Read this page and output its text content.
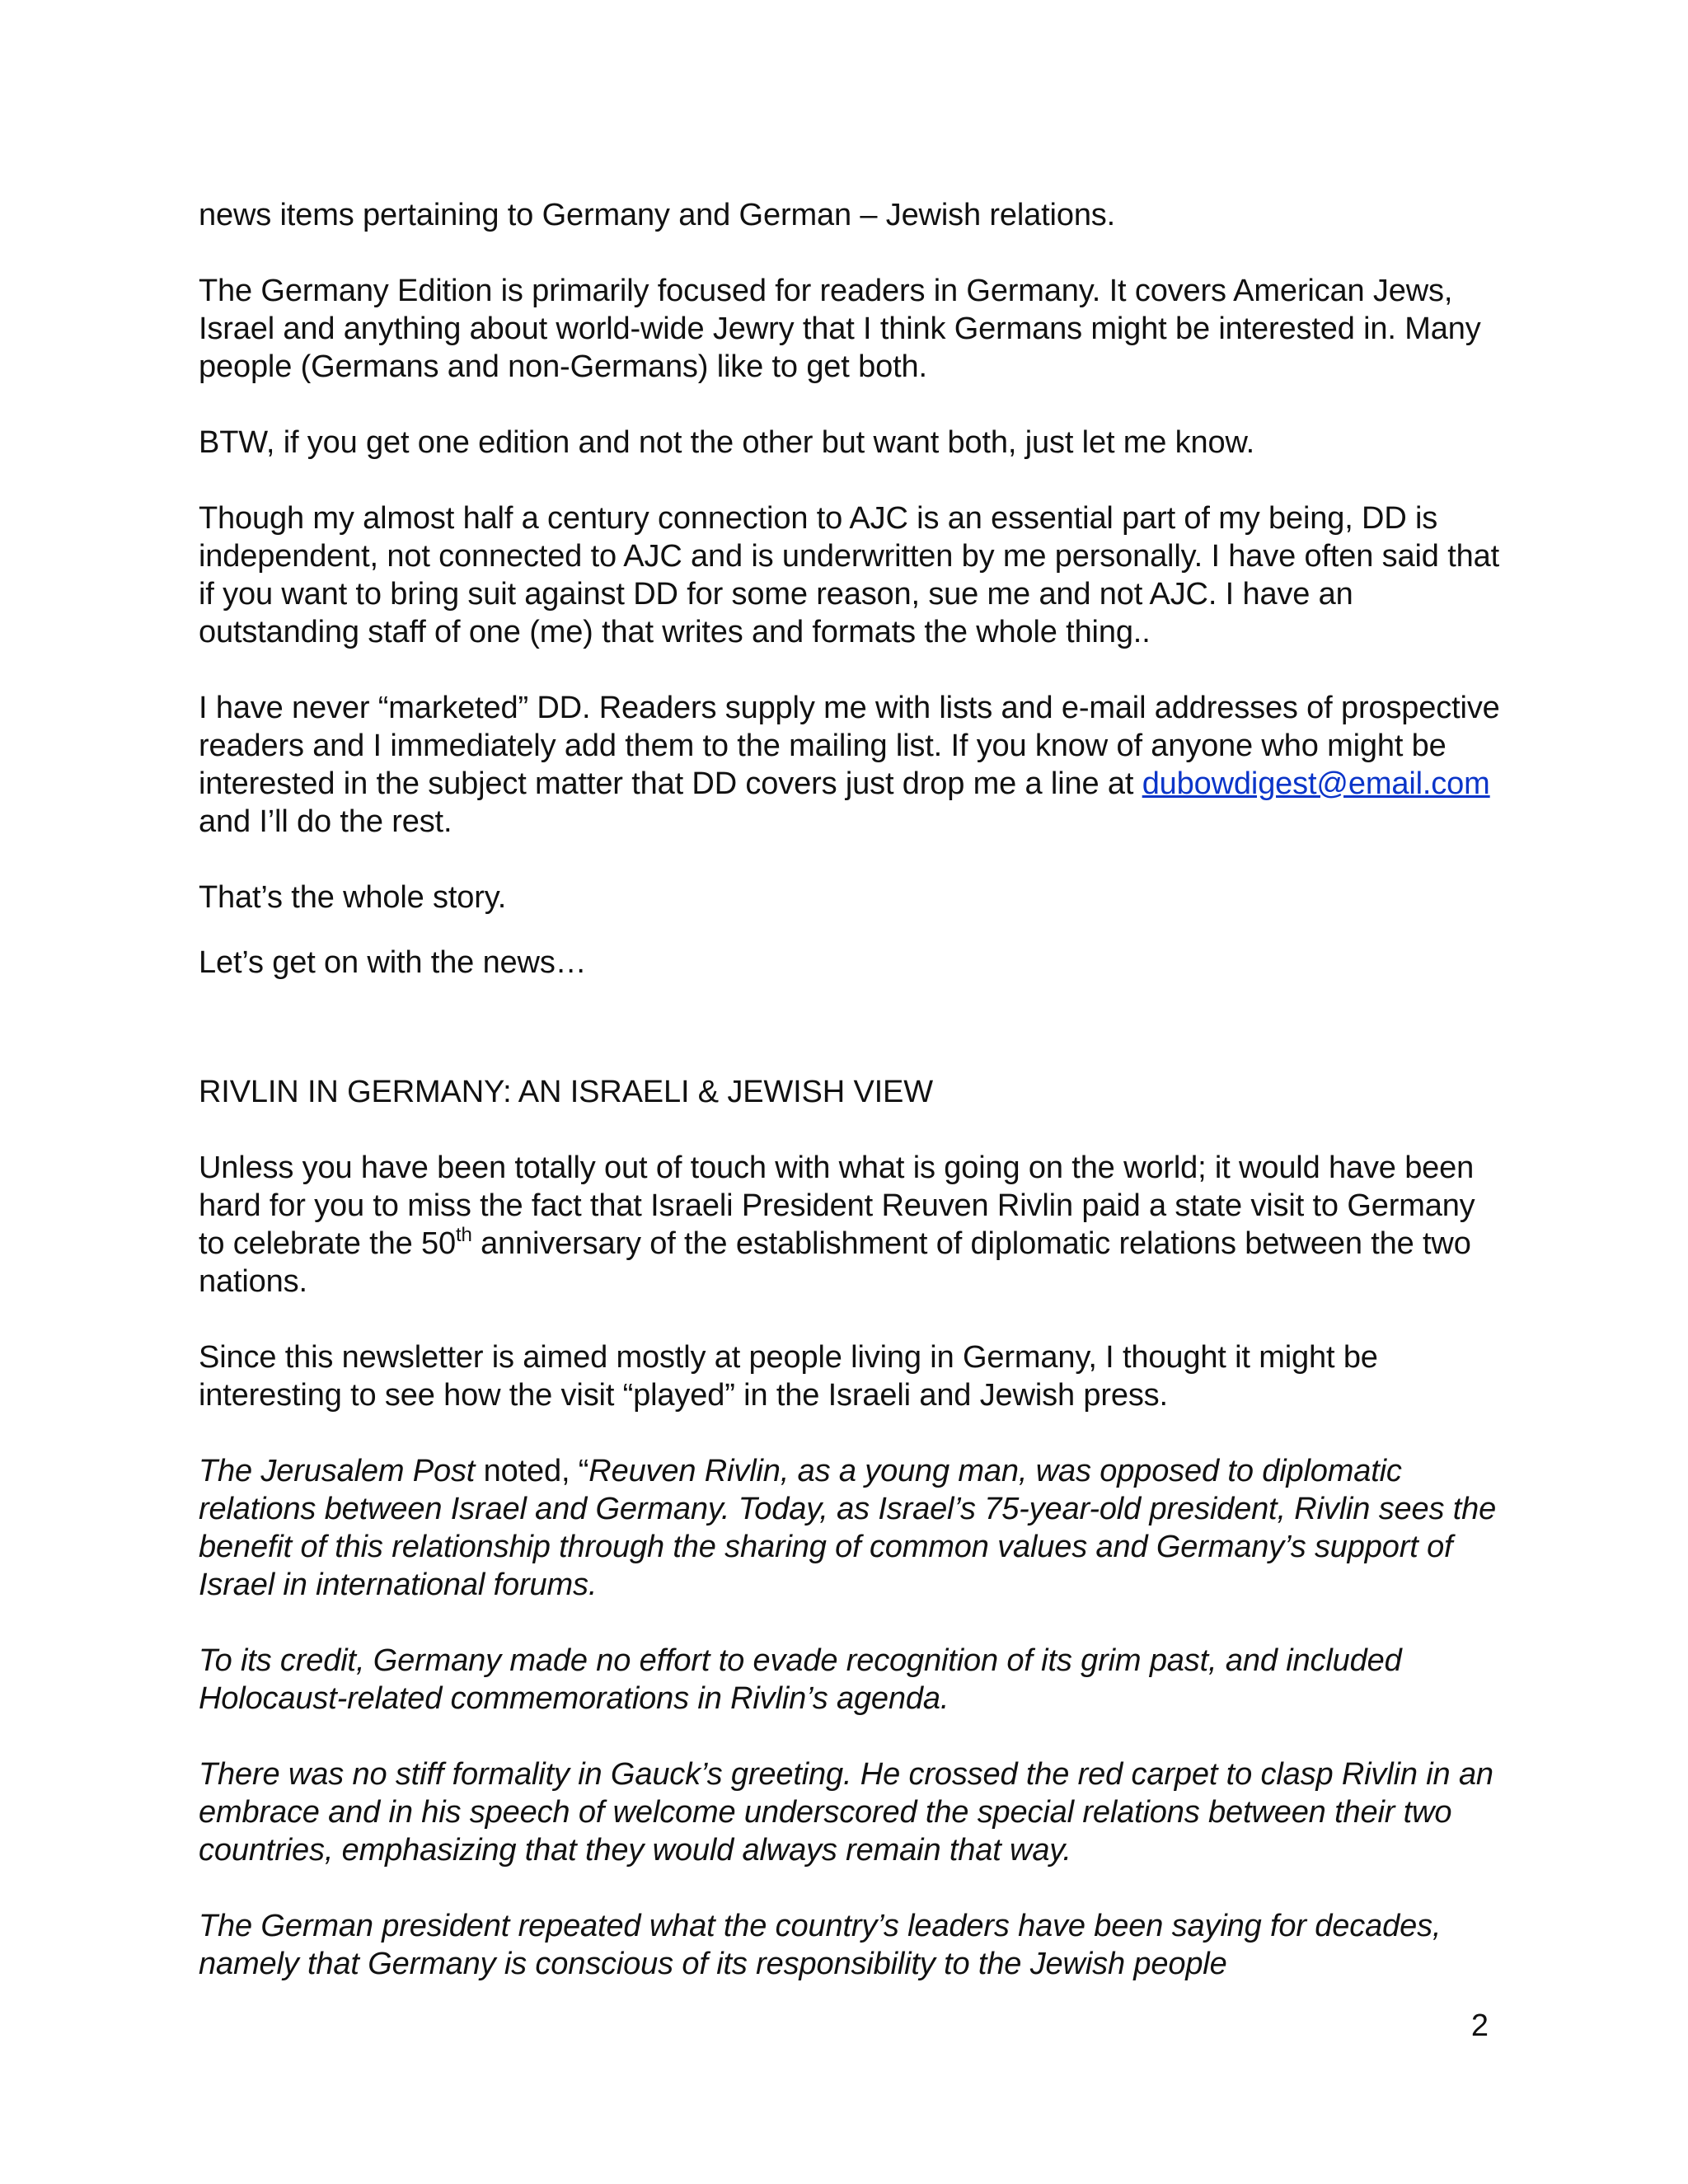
news items pertaining to Germany and German – Jewish relations.

The Germany Edition is primarily focused for readers in Germany. It covers American Jews, Israel and anything about world-wide Jewry that I think Germans might be interested in. Many people (Germans and non-Germans) like to get both.

BTW, if you get one edition and not the other but want both, just let me know.

Though my almost half a century connection to AJC is an essential part of my being, DD is independent, not connected to AJC and is underwritten by me personally. I have often said that if you want to bring suit against DD for some reason, sue me and not AJC. I have an outstanding staff of one (me) that writes and formats the whole thing..

I have never “marketed” DD. Readers supply me with lists and e-mail addresses of prospective readers and I immediately add them to the mailing list. If you know of anyone who might be interested in the subject matter that DD covers just drop me a line at dubowdigest@email.com and I’ll do the rest.

That’s the whole story.

Let’s get on with the news…

RIVLIN IN GERMANY: AN ISRAELI & JEWISH VIEW

Unless you have been totally out of touch with what is going on the world; it would have been hard for you to miss the fact that Israeli President Reuven Rivlin paid a state visit to Germany to celebrate the 50th anniversary of the establishment of diplomatic relations between the two nations.

Since this newsletter is aimed mostly at people living in Germany, I thought it might be interesting to see how the visit “played” in the Israeli and Jewish press.

The Jerusalem Post noted, “Reuven Rivlin, as a young man, was opposed to diplomatic relations between Israel and Germany. Today, as Israel’s 75-year-old president, Rivlin sees the benefit of this relationship through the sharing of common values and Germany’s support of Israel in international forums.

To its credit, Germany made no effort to evade recognition of its grim past, and included Holocaust-related commemorations in Rivlin’s agenda.

There was no stiff formality in Gauck’s greeting. He crossed the red carpet to clasp Rivlin in an embrace and in his speech of welcome underscored the special relations between their two countries, emphasizing that they would always remain that way.

The German president repeated what the country’s leaders have been saying for decades, namely that Germany is conscious of its responsibility to the Jewish people

2
